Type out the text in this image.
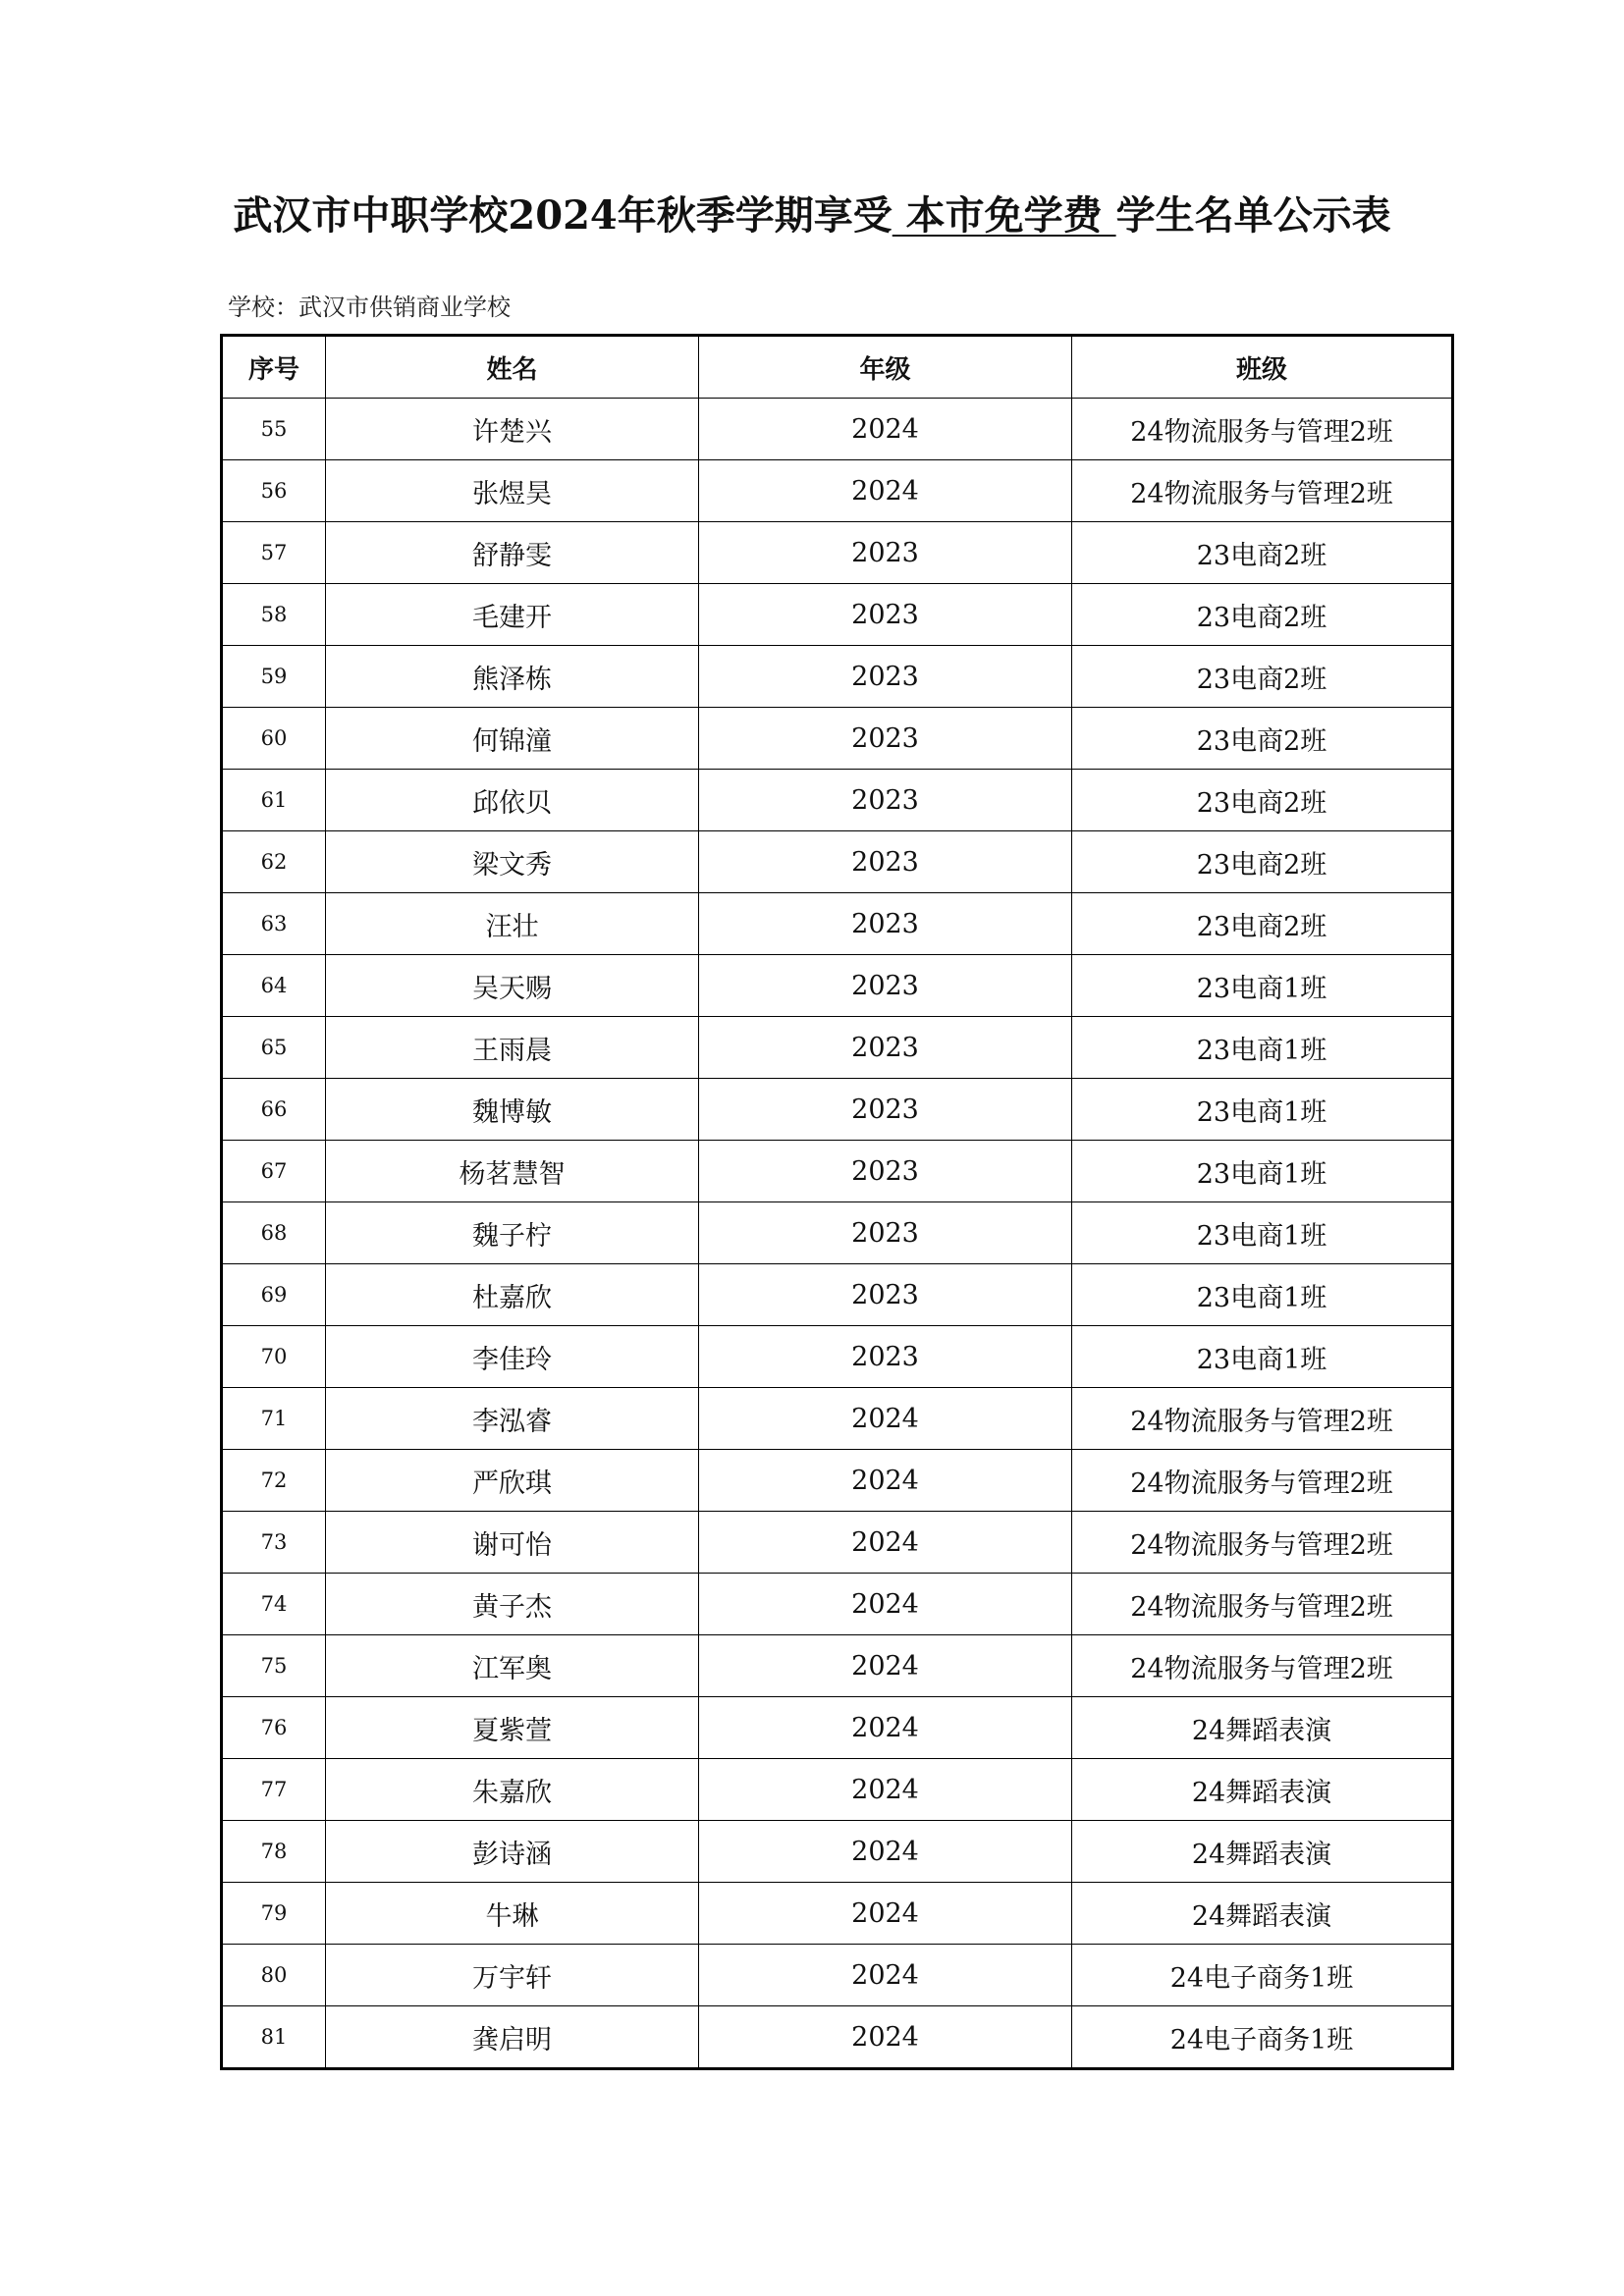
武汉市中职学校2024年秋季学期享受 本市免学费 学生名单公示表
学校：武汉市供销商业学校
序号	姓名	年级	班级
55	许楚兴	2024	24物流服务与管理2班
56	张煜昊	2024	24物流服务与管理2班
57	舒静雯	2023	23电商2班
58	毛建开	2023	23电商2班
59	熊泽栋	2023	23电商2班
60	何锦潼	2023	23电商2班
61	邱依贝	2023	23电商2班
62	梁文秀	2023	23电商2班
63	汪壮	2023	23电商2班
64	吴天赐	2023	23电商1班
65	王雨晨	2023	23电商1班
66	魏博敏	2023	23电商1班
67	杨茗慧智	2023	23电商1班
68	魏子柠	2023	23电商1班
69	杜嘉欣	2023	23电商1班
70	李佳玲	2023	23电商1班
71	李泓睿	2024	24物流服务与管理2班
72	严欣琪	2024	24物流服务与管理2班
73	谢可怡	2024	24物流服务与管理2班
74	黄子杰	2024	24物流服务与管理2班
75	江军奥	2024	24物流服务与管理2班
76	夏紫萱	2024	24舞蹈表演
77	朱嘉欣	2024	24舞蹈表演
78	彭诗涵	2024	24舞蹈表演
79	牛琳	2024	24舞蹈表演
80	万宇轩	2024	24电子商务1班
81	龚启明	2024	24电子商务1班
